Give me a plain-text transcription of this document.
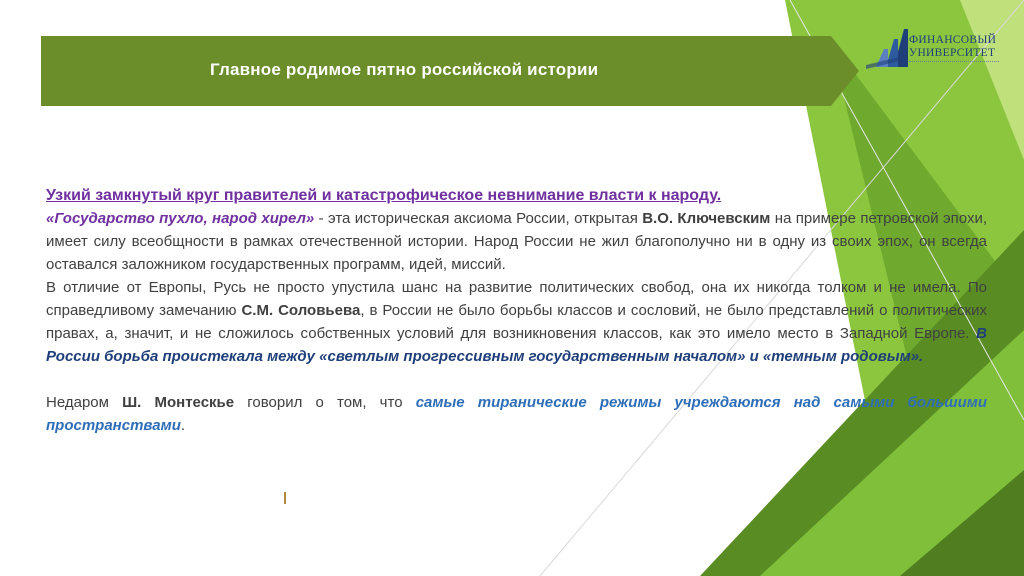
Главное родимое пятно российской истории
ФИНАНСОВЫЙ
УНИВЕРСИТЕТ
Узкий замкнутый круг правителей и катастрофическое невнимание власти к народу.

«Государство пухло, народ хирел» - эта историческая аксиома России, открытая В.О. Ключевским на примере петровской эпохи, имеет силу всеобщности в рамках отечественной истории. Народ России не жил благополучно ни в одну из своих эпох, он всегда оставался заложником государственных программ, идей, миссий.

В отличие от Европы, Русь не просто упустила шанс на развитие политических свобод, она их никогда толком и не имела. По справедливому замечанию С.М. Соловьева, в России не было борьбы классов и сословий, не было представлений о политических правах, а, значит, и не сложилось собственных условий для возникновения классов, как это имело место в Западной Европе. В России борьба проистекала между «светлым прогрессивным государственным началом» и «темным родовым».

Недаром Ш. Монтескье говорил о том, что самые тиранические режимы учреждаются над самыми большими пространствами.
